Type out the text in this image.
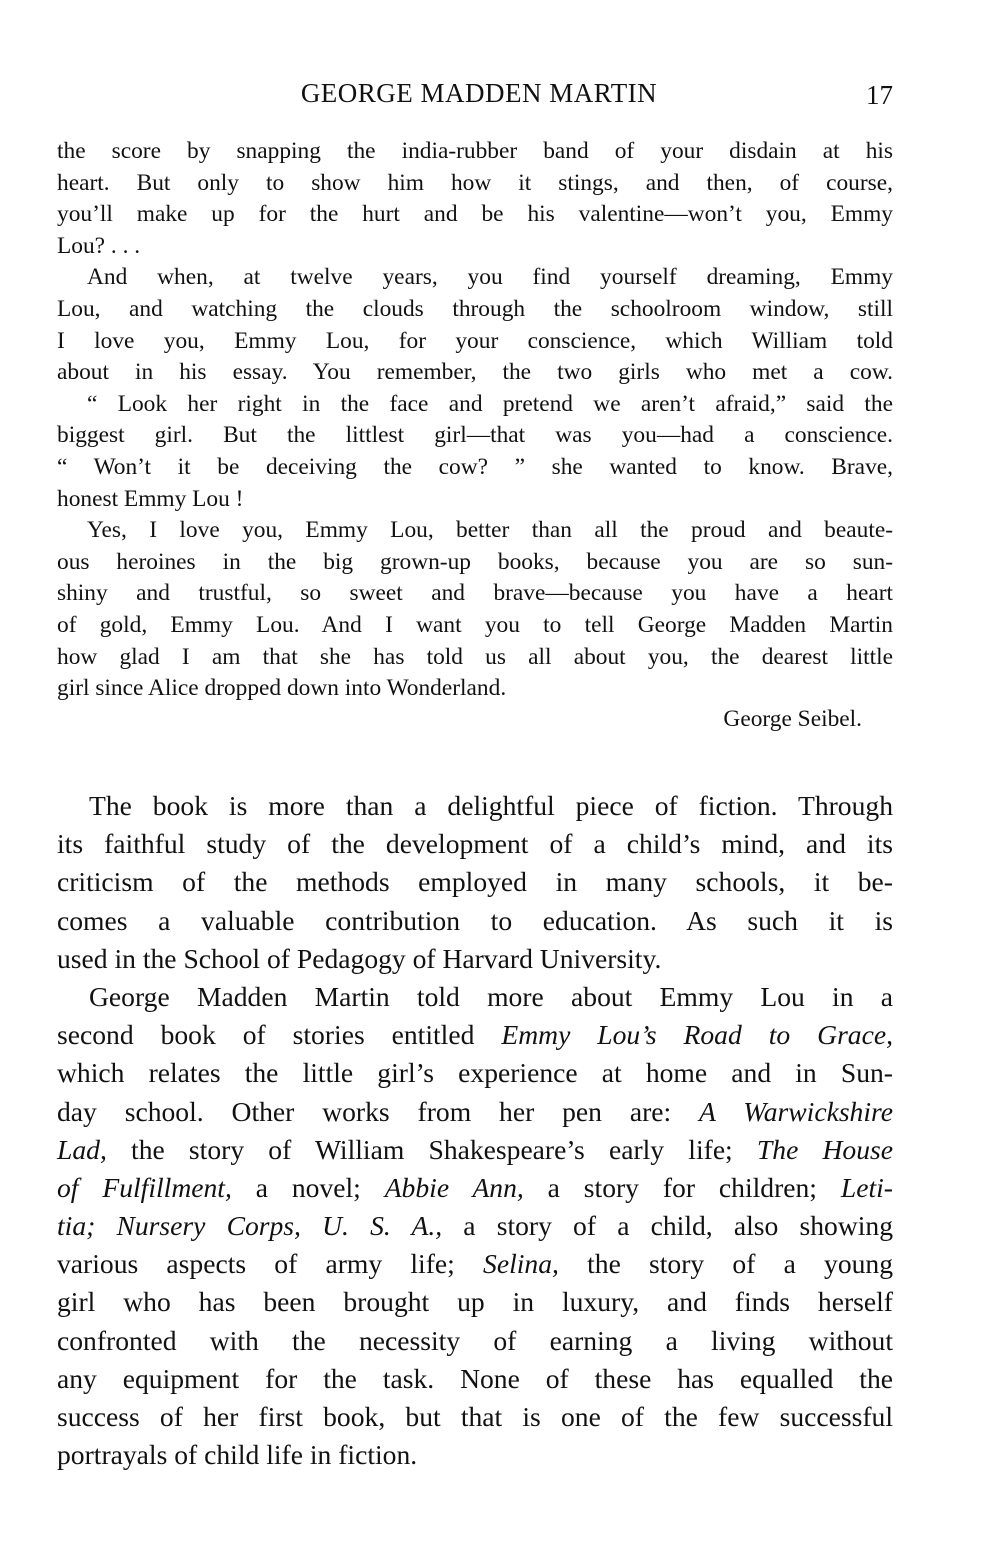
GEORGE MADDEN MARTIN	17
the score by snapping the india-rubber band of your disdain at his
heart. But only to show him how it stings, and then, of course,
you’ll make up for the hurt and be his valentine—won’t you, Emmy
Lou? . . .
And when, at twelve years, you find yourself dreaming, Emmy
Lou, and watching the clouds through the schoolroom window, still
I love you, Emmy Lou, for your conscience, which William told
about in his essay. You remember, the two girls who met a cow.
“ Look her right in the face and pretend we aren’t afraid,” said the
biggest girl. But the littlest girl—that was you—had a conscience.
“ Won’t it be deceiving the cow? ” she wanted to know. Brave,
honest Emmy Lou !
Yes, I love you, Emmy Lou, better than all the proud and beaute-
ous heroines in the big grown-up books, because you are so sun-
shiny and trustful, so sweet and brave—because you have a heart
of gold, Emmy Lou. And I want you to tell George Madden Martin
how glad I am that she has told us all about you, the dearest little
girl since Alice dropped down into Wonderland.
George Seibel.
The book is more than a delightful piece of fiction. Through
its faithful study of the development of a child’s mind, and its
criticism of the methods employed in many schools, it be-
comes a valuable contribution to education. As such it is
used in the School of Pedagogy of Harvard University.
George Madden Martin told more about Emmy Lou in a
second book of stories entitled Emmy Lou’s Road to Grace,
which relates the little girl’s experience at home and in Sun-
day school. Other works from her pen are: A Warwickshire
Lad, the story of William Shakespeare’s early life; The House
of Fulfillment, a novel; Abbie Ann, a story for children; Leti-
tia; Nursery Corps, U. S. A., a story of a child, also showing
various aspects of army life; Selina, the story of a young
girl who has been brought up in luxury, and finds herself
confronted with the necessity of earning a living without
any equipment for the task. None of these has equalled the
success of her first book, but that is one of the few successful
portrayals of child life in fiction.
